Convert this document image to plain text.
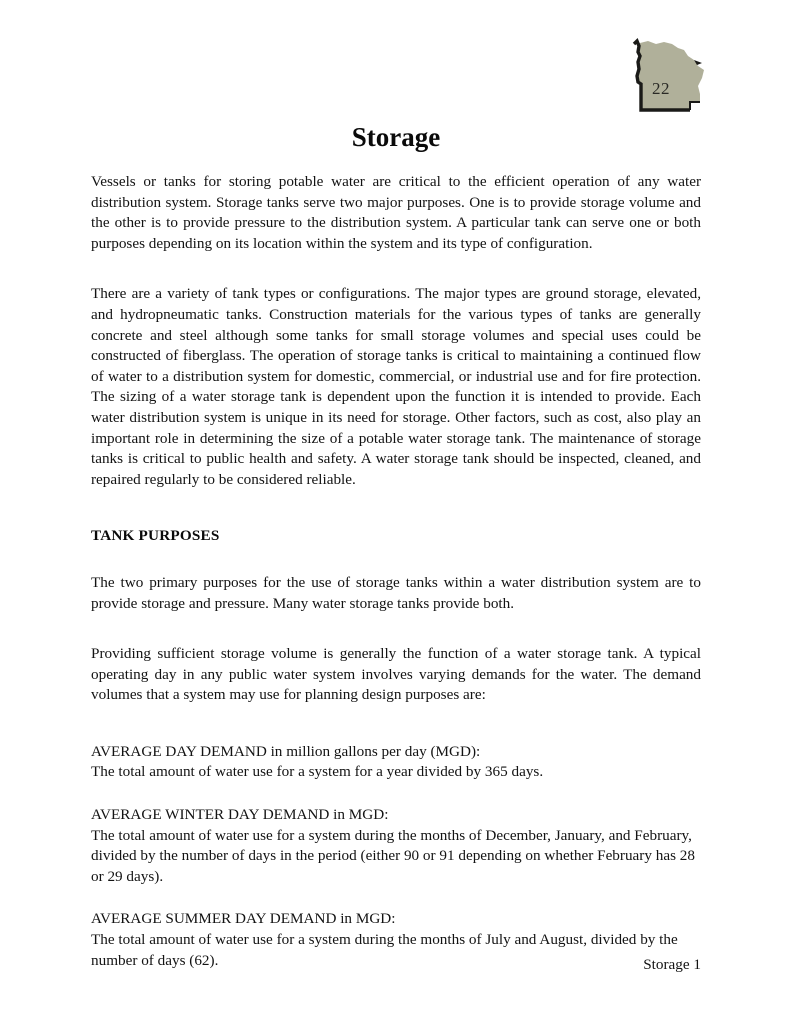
22
Storage

Vessels or tanks for storing potable water are critical to the efficient operation of any water distribution system. Storage tanks serve two major purposes. One is to provide storage volume and the other is to provide pressure to the distribution system. A particular tank can serve one or both purposes depending on its location within the system and its type of configuration.

There are a variety of tank types or configurations. The major types are ground storage, elevated, and hydropneumatic tanks. Construction materials for the various types of tanks are generally concrete and steel although some tanks for small storage volumes and special uses could be constructed of fiberglass. The operation of storage tanks is critical to maintaining a continued flow of water to a distribution system for domestic, commercial, or industrial use and for fire protection. The sizing of a water storage tank is dependent upon the function it is intended to provide. Each water distribution system is unique in its need for storage. Other factors, such as cost, also play an important role in determining the size of a potable water storage tank. The maintenance of storage tanks is critical to public health and safety. A water storage tank should be inspected, cleaned, and repaired regularly to be considered reliable.

TANK PURPOSES

The two primary purposes for the use of storage tanks within a water distribution system are to provide storage and pressure. Many water storage tanks provide both.

Providing sufficient storage volume is generally the function of a water storage tank. A typical operating day in any public water system involves varying demands for the water. The demand volumes that a system may use for planning design purposes are:

AVERAGE DAY DEMAND in million gallons per day (MGD):

The total amount of water use for a system for a year divided by 365 days.

AVERAGE WINTER DAY DEMAND in MGD:

The total amount of water use for a system during the months of December, January, and February, divided by the number of days in the period (either 90 or 91 depending on whether February has 28 or 29 days).

AVERAGE SUMMER DAY DEMAND in MGD:

The total amount of water use for a system during the months of July and August, divided by the number of days (62).	Storage 1
